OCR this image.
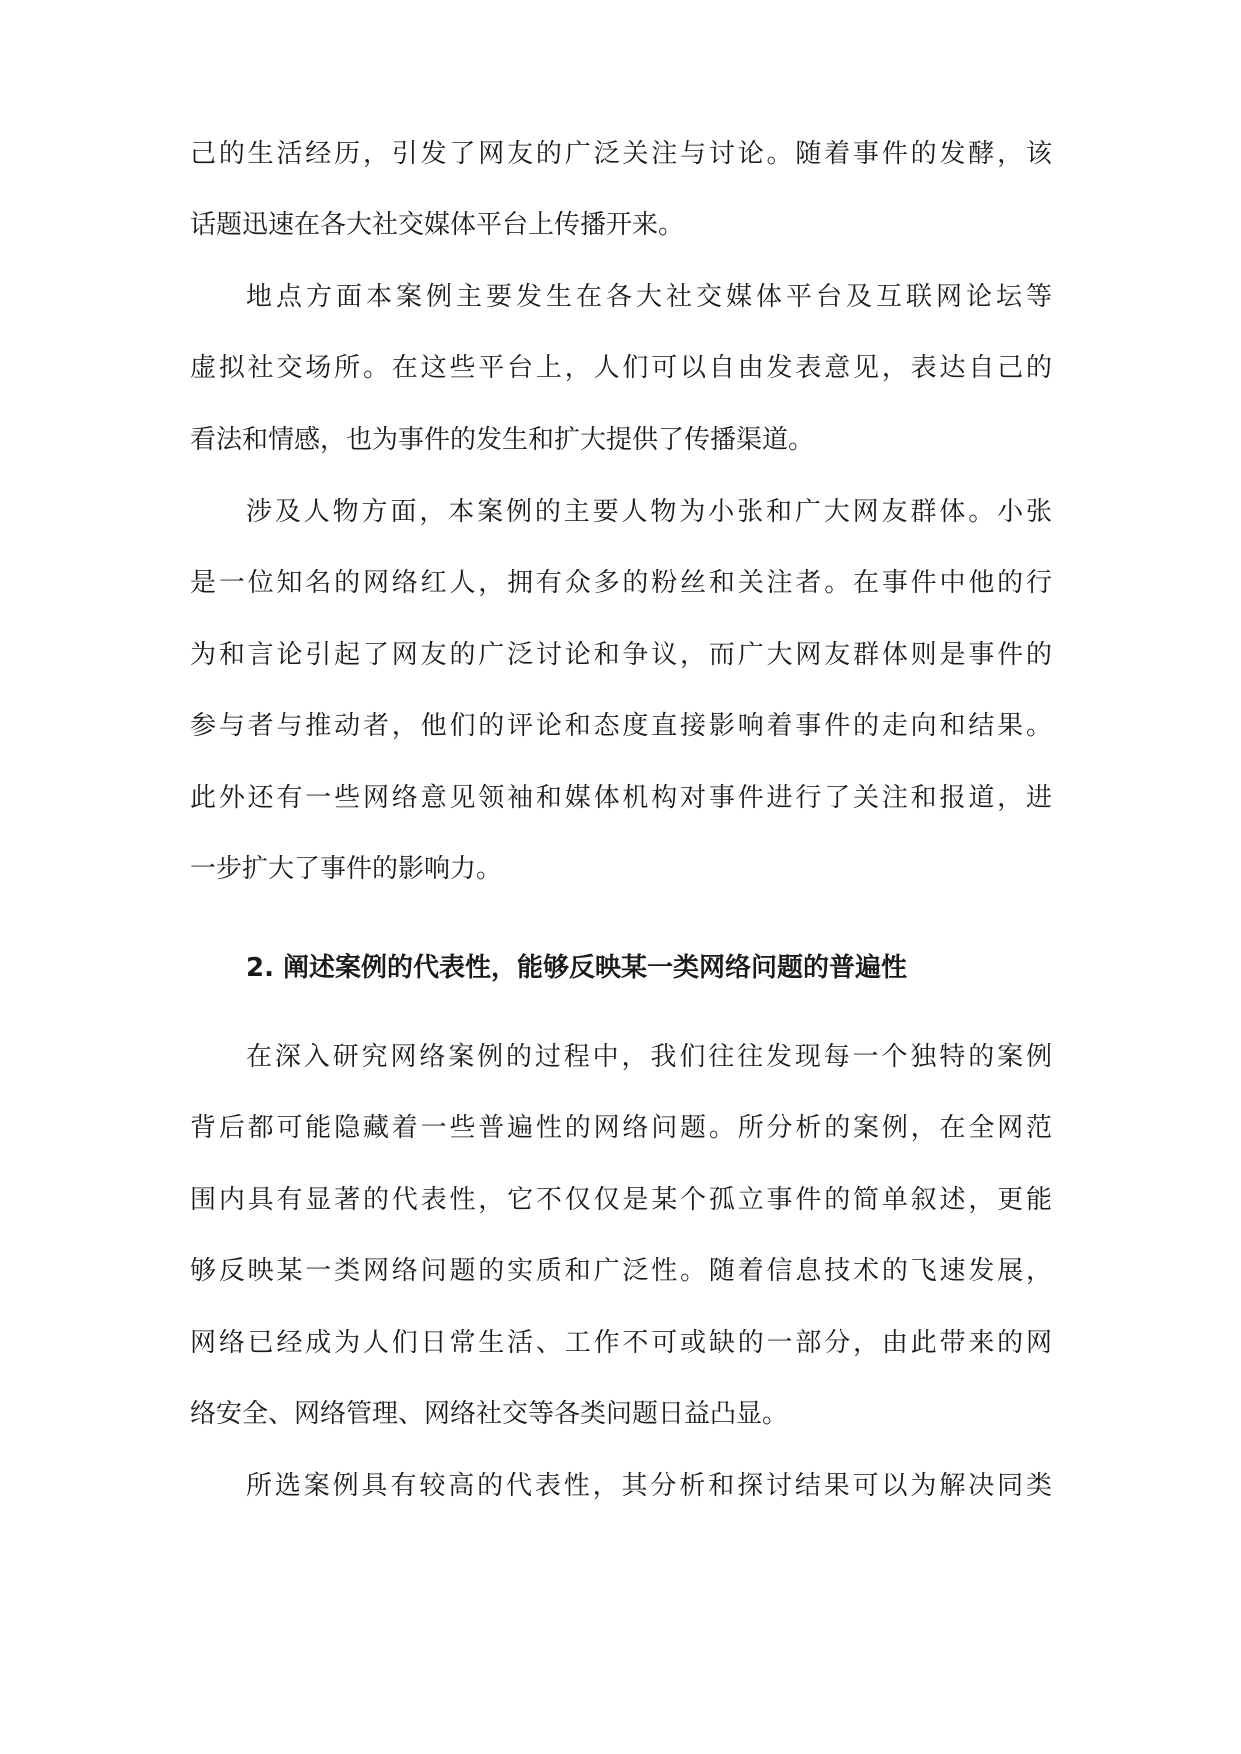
己的生活经历，引发了网友的广泛关注与讨论。随着事件的发酵，该
话题迅速在各大社交媒体平台上传播开来。
地点方面本案例主要发生在各大社交媒体平台及互联网论坛等
虚拟社交场所。在这些平台上，人们可以自由发表意见，表达自己的
看法和情感，也为事件的发生和扩大提供了传播渠道。
涉及人物方面，本案例的主要人物为小张和广大网友群体。小张
是一位知名的网络红人，拥有众多的粉丝和关注者。在事件中他的行
为和言论引起了网友的广泛讨论和争议，而广大网友群体则是事件的
参与者与推动者，他们的评论和态度直接影响着事件的走向和结果。
此外还有一些网络意见领袖和媒体机构对事件进行了关注和报道，进
一步扩大了事件的影响力。
2. 阐述案例的代表性，能够反映某一类网络问题的普遍性
在深入研究网络案例的过程中，我们往往发现每一个独特的案例
背后都可能隐藏着一些普遍性的网络问题。所分析的案例，在全网范
围内具有显著的代表性，它不仅仅是某个孤立事件的简单叙述，更能
够反映某一类网络问题的实质和广泛性。随着信息技术的飞速发展，
网络已经成为人们日常生活、工作不可或缺的一部分，由此带来的网
络安全、网络管理、网络社交等各类问题日益凸显。
所选案例具有较高的代表性，其分析和探讨结果可以为解决同类
